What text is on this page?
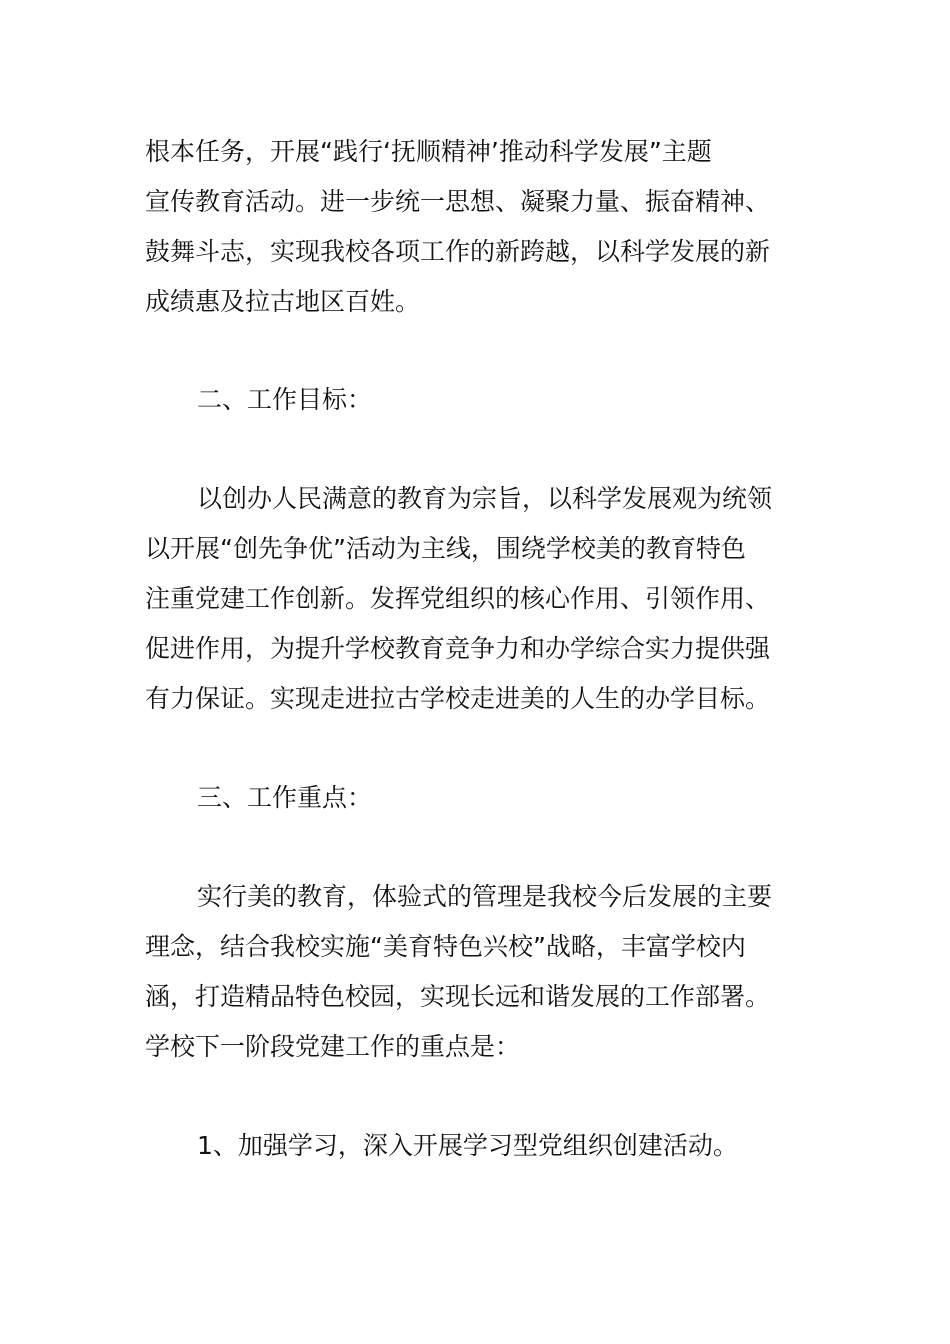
根本任务，开展“践行‘抚顺精神’推动科学发展”主题
宣传教育活动。进一步统一思想、凝聚力量、振奋精神、
鼓舞斗志，实现我校各项工作的新跨越，以科学发展的新
成绩惠及拉古地区百姓。
二、工作目标：
以创办人民满意的教育为宗旨，以科学发展观为统领
以开展“创先争优”活动为主线，围绕学校美的教育特色
注重党建工作创新。发挥党组织的核心作用、引领作用、
促进作用，为提升学校教育竞争力和办学综合实力提供强
有力保证。实现走进拉古学校走进美的人生的办学目标。
三、工作重点：
实行美的教育，体验式的管理是我校今后发展的主要
理念，结合我校实施“美育特色兴校”战略，丰富学校内
涵，打造精品特色校园，实现长远和谐发展的工作部署。
学校下一阶段党建工作的重点是：
1、加强学习，深入开展学习型党组织创建活动。
